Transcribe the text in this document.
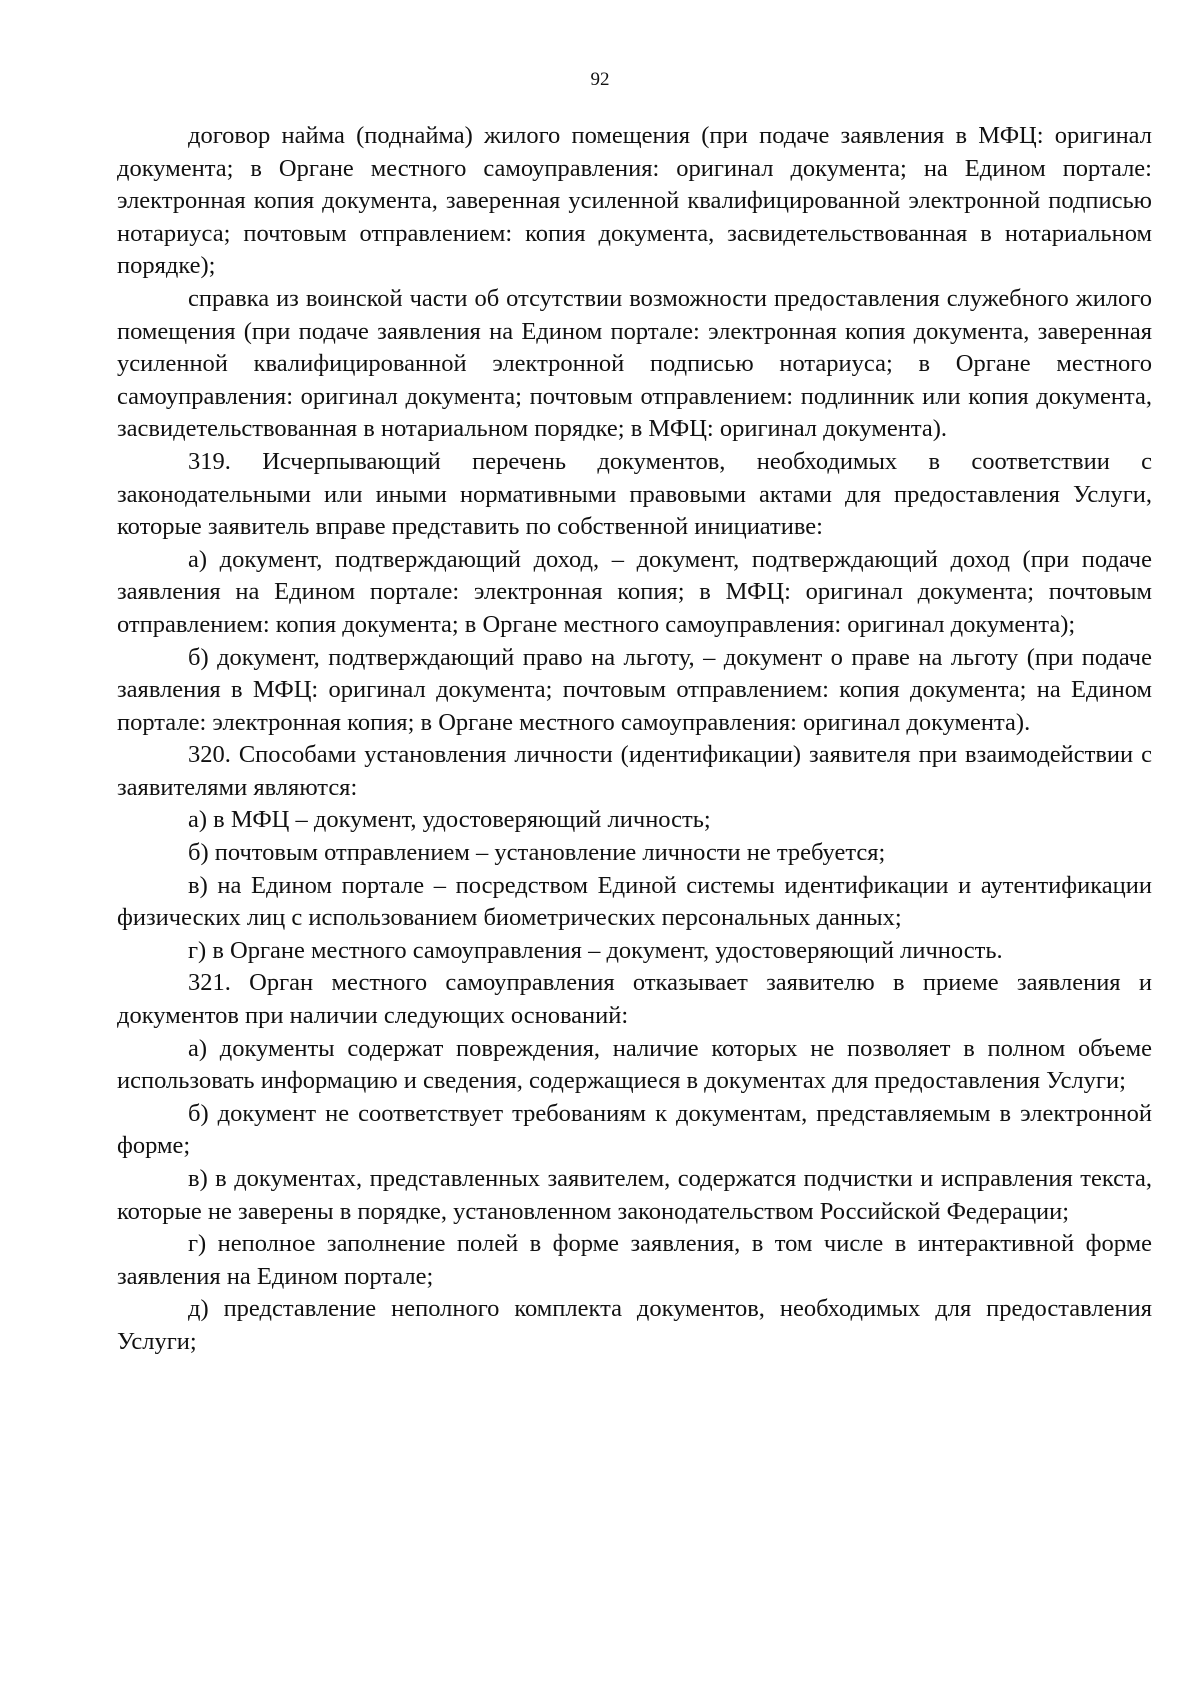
92

договор найма (поднайма) жилого помещения (при подаче заявления в МФЦ: оригинал документа; в Органе местного самоуправления: оригинал документа; на Едином портале: электронная копия документа, заверенная усиленной квалифицированной электронной подписью нотариуса; почтовым отправлением: копия документа, засвидетельствованная в нотариальном порядке);

справка из воинской части об отсутствии возможности предоставления служебного жилого помещения (при подаче заявления на Едином портале: электронная копия документа, заверенная усиленной квалифицированной электронной подписью нотариуса; в Органе местного самоуправления: оригинал документа; почтовым отправлением: подлинник или копия документа, засвидетельствованная в нотариальном порядке; в МФЦ: оригинал документа).

319. Исчерпывающий перечень документов, необходимых в соответствии с законодательными или иными нормативными правовыми актами для предоставления Услуги, которые заявитель вправе представить по собственной инициативе:

а) документ, подтверждающий доход, – документ, подтверждающий доход (при подаче заявления на Едином портале: электронная копия; в МФЦ: оригинал документа; почтовым отправлением: копия документа; в Органе местного самоуправления: оригинал документа);

б) документ, подтверждающий право на льготу, – документ о праве на льготу (при подаче заявления в МФЦ: оригинал документа; почтовым отправлением: копия документа; на Едином портале: электронная копия; в Органе местного самоуправления: оригинал документа).

320. Способами установления личности (идентификации) заявителя при взаимодействии с заявителями являются:

а) в МФЦ – документ, удостоверяющий личность;

б) почтовым отправлением – установление личности не требуется;

в) на Едином портале – посредством Единой системы идентификации и аутентификации физических лиц с использованием биометрических персональных данных;

г) в Органе местного самоуправления – документ, удостоверяющий личность.

321. Орган местного самоуправления отказывает заявителю в приеме заявления и документов при наличии следующих оснований:

а) документы содержат повреждения, наличие которых не позволяет в полном объеме использовать информацию и сведения, содержащиеся в документах для предоставления Услуги;

б) документ не соответствует требованиям к документам, представляемым в электронной форме;

в) в документах, представленных заявителем, содержатся подчистки и исправления текста, которые не заверены в порядке, установленном законодательством Российской Федерации;

г) неполное заполнение полей в форме заявления, в том числе в интерактивной форме заявления на Едином портале;

д) представление неполного комплекта документов, необходимых для предоставления Услуги;
